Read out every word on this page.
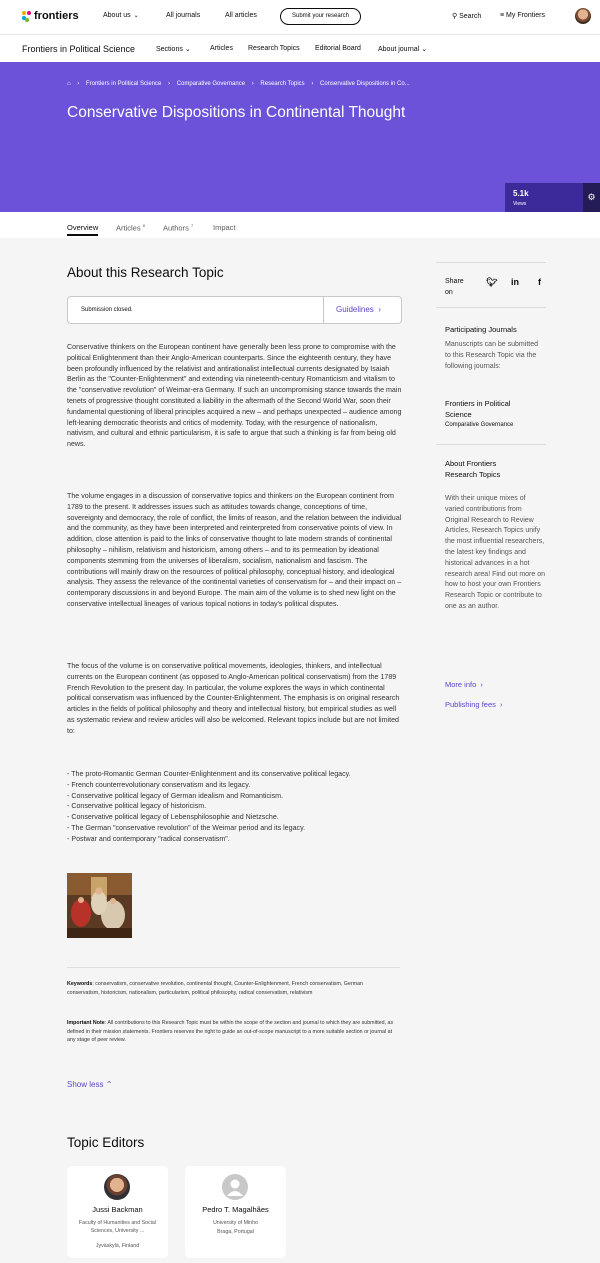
frontiers	About us ⌄	All journals	All articles	Submit your research	⚲ Search	≡ My Frontiers
Frontiers in Political Science	Sections ⌄	Articles Research Topics Editorial Board About journal ⌄
⌂ › Frontiers in Political Science › Comparative Governance › Research Topics › Conservative Dispositions in Co...
Conservative Dispositions in Continental Thought
5.1k
Views
⚙
Overview Articles $^8$ Authors $^7$	Impact
About this Research Topic
Submission closed.	Guidelines  ›
Conservative thinkers on the European continent have generally been less prone to compromise with the political Enlightenment than their Anglo-American counterparts. Since the eighteenth century, they have been profoundly influenced by the relativist and antirationalist intellectual currents designated by Isaiah Berlin as the "Counter-Enlightenment" and extending via nineteenth-century Romanticism and vitalism to the "conservative revolution" of Weimar-era Germany. If such an uncompromising stance towards the main tenets of progressive thought constituted a liability in the aftermath of the Second World War, soon their fundamental questioning of liberal principles acquired a new – and perhaps unexpected – audience among left-leaning democratic theorists and critics of modernity. Today, with the resurgence of nationalism, nativism, and cultural and ethnic particularism, it is safe to argue that such a thinking is far from being old news.
The volume engages in a discussion of conservative topics and thinkers on the European continent from 1789 to the present. It addresses issues such as attitudes towards change, conceptions of time, sovereignty and democracy, the role of conflict, the limits of reason, and the relation between the individual and the community, as they have been interpreted and reinterpreted from conservative points of view. In addition, close attention is paid to the links of conservative thought to late modern strands of continental philosophy – nihilism, relativism and historicism, among others – and to its permeation by ideational components stemming from the universes of liberalism, socialism, nationalism and fascism. The contributions will mainly draw on the resources of political philosophy, conceptual history, and ideological analysis. They assess the relevance of the continental varieties of conservatism for – and their impact on – contemporary discussions in and beyond Europe. The main aim of the volume is to shed new light on the conservative intellectual lineages of various topical notions in today's political disputes.
The focus of the volume is on conservative political movements, ideologies, thinkers, and intellectual currents on the European continent (as opposed to Anglo-American political conservatism) from the 1789 French Revolution to the present day. In particular, the volume explores the ways in which continental political conservatism was influenced by the Counter-Enlightenment. The emphasis is on original research articles in the fields of political philosophy and theory and intellectual history, but empirical studies as well as systematic review and review articles will also be welcomed. Relevant topics include but are not limited to:
- The proto-Romantic German Counter-Enlightenment and its conservative political legacy.
- French counterrevolutionary conservatism and its legacy.
- Conservative political legacy of German idealism and Romanticism.
- Conservative political legacy of historicism.
- Conservative political legacy of Lebensphilosophie and Nietzsche.
- The German "conservative revolution" of the Weimar period and its legacy.
- Postwar and contemporary "radical conservatism".
Keywords: conservatism, conservative revolution, continental thought, Counter-Enlightenment, French conservatism, German conservatism, historicism, nationalism, particularism, political philosophy, radical conservatism, relativism
Important Note: All contributions to this Research Topic must be within the scope of the section and journal to which they are submitted, as defined in their mission statements. Frontiers reserves the right to guide an out-of-scope manuscript to a more suitable section or journal at any stage of peer review.
Show less ⌃
Topic Editors
Jussi Backman
Faculty of Humanities and Social Sciences, University ...
Jyväskylä, Finland
Pedro T. Magalhães
University of Minho
Braga, Portugal
Share on
🐦︎ in f
Participating Journals
Manuscripts can be submitted to this Research Topic via the following journals:
Frontiers in Political Science
Comparative Governance
About Frontiers Research Topics
With their unique mixes of varied contributions from Original Research to Review Articles, Research Topics unify the most influential researchers, the latest key findings and historical advances in a hot research area! Find out more on how to host your own Frontiers Research Topic or contribute to one as an author.
More info  ›
Publishing fees  ›
